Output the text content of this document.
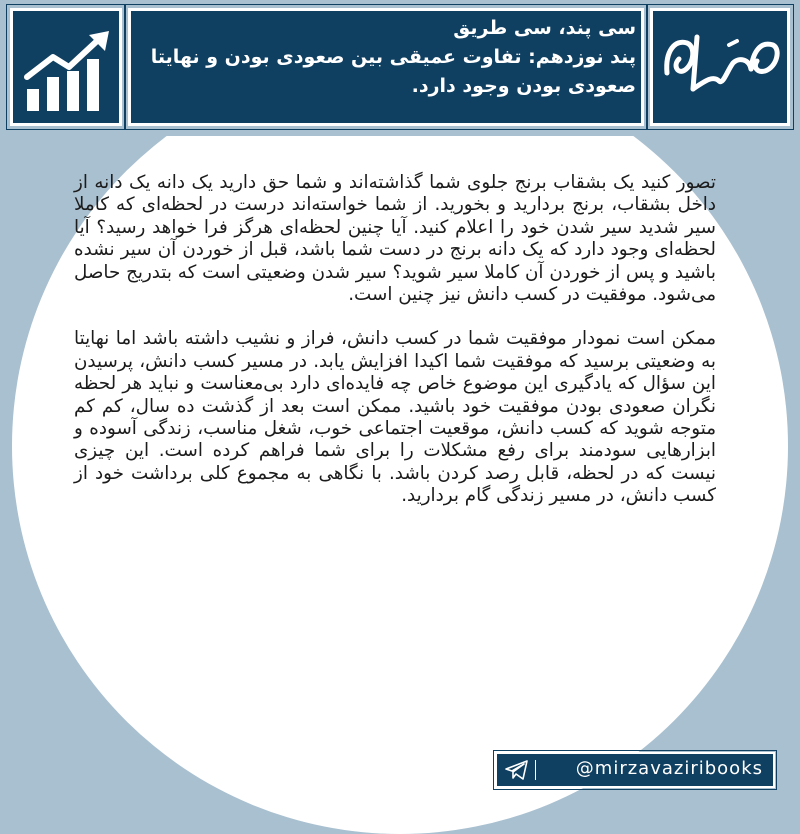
سی پند، سی طریق
پند نوزدهم: تفاوت عمیقی بین صعودی بودن و نهایتا
صعودی بودن وجود دارد.

تصور کنید یک بشقاب برنج جلوی شما گذاشته‌اند و شما حق دارید یک دانه یک دانه از داخل بشقاب، برنج بردارید و بخورید. از شما خواسته‌اند درست در لحظه‌ای که کاملا سیر شدید سیر شدن خود را اعلام کنید. آیا چنین لحظه‌ای هرگز فرا خواهد رسید؟ آیا لحظه‌ای وجود دارد که یک دانه برنج در دست شما باشد، قبل از خوردن آن سیر نشده باشید و پس از خوردن آن کاملا سیر شوید؟ سیر شدن وضعیتی است که بتدریج حاصل می‌شود. موفقیت در کسب دانش نیز چنین است.

ممکن است نمودار موفقیت شما در کسب دانش، فراز و نشیب داشته باشد اما نهایتا به وضعیتی برسید که موفقیت شما اکیدا افزایش یابد. در مسیر کسب دانش، پرسیدن این سؤال که یادگیری این موضوع خاص چه فایده‌ای دارد بی‌معناست و نباید هر لحظه نگران صعودی بودن موفقیت خود باشید. ممکن است بعد از گذشت ده سال، کم کم متوجه شوید که کسب دانش، موقعیت اجتماعی خوب، شغل مناسب، زندگی آسوده و ابزارهایی سودمند برای رفع مشکلات را برای شما فراهم کرده است. این چیزی نیست که در لحظه، قابل رصد کردن باشد. با نگاهی به مجموع کلی برداشت خود از کسب دانش، در مسیر زندگی گام بردارید.

@mirzavaziribooks
